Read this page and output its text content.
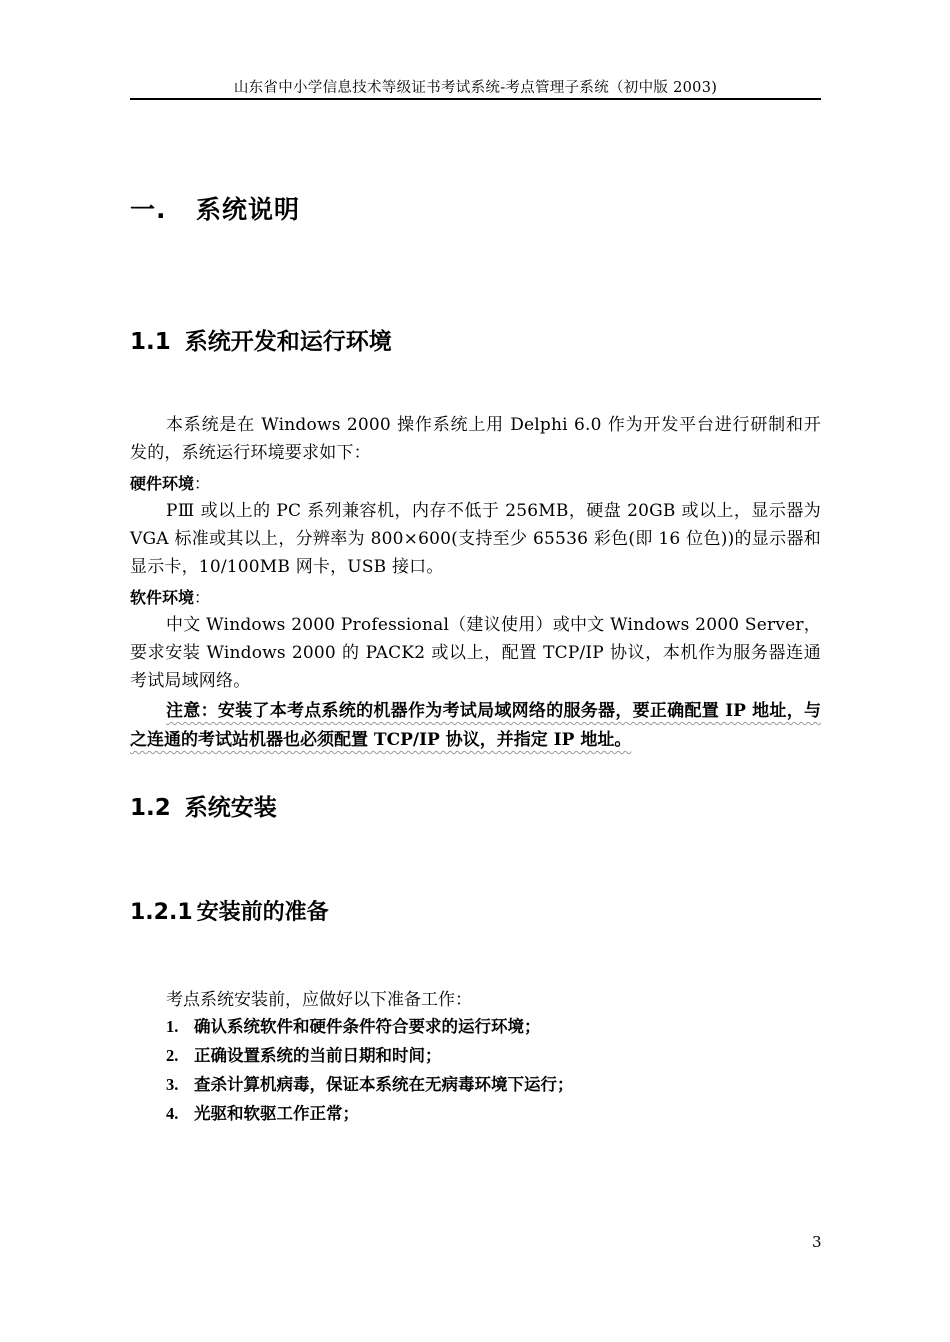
山东省中小学信息技术等级证书考试系统-考点管理子系统（初中版 2003)
一. 系统说明
1.1 系统开发和运行环境
本系统是在 Windows 2000 操作系统上用 Delphi 6.0 作为开发平台进行研制和开发的，系统运行环境要求如下：
硬件环境：
PⅢ 或以上的 PC 系列兼容机，内存不低于 256MB，硬盘 20GB 或以上，显示器为 VGA 标准或其以上，分辨率为 800×600(支持至少 65536 彩色(即 16 位色))的显示器和显示卡，10/100MB 网卡，USB 接口。
软件环境：
中文 Windows 2000 Professional（建议使用）或中文 Windows 2000 Server，要求安装 Windows 2000 的 PACK2 或以上，配置 TCP/IP 协议，本机作为服务器连通考试局域网络。
注意：安装了本考点系统的机器作为考试局域网络的服务器，要正确配置 IP 地址，与之连通的考试站机器也必须配置 TCP/IP 协议，并指定 IP 地址。
1.2 系统安装
1.2.1 安装前的准备
考点系统安装前，应做好以下准备工作：
1. 确认系统软件和硬件条件符合要求的运行环境；
2. 正确设置系统的当前日期和时间；
3. 查杀计算机病毒，保证本系统在无病毒环境下运行；
4. 光驱和软驱工作正常；
3
